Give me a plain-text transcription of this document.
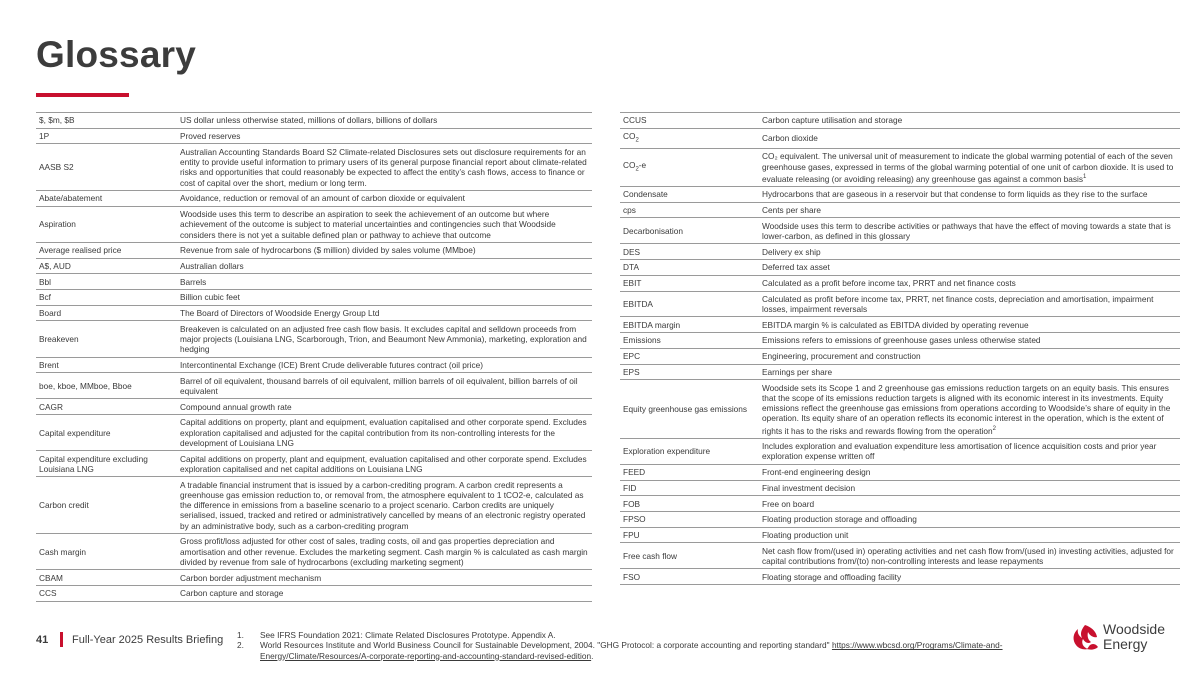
Glossary
$, $m, $B	US dollar unless otherwise stated, millions of dollars, billions of dollars
1P	Proved reserves
AASB S2	Australian Accounting Standards Board S2 Climate-related Disclosures sets out disclosure requirements for an entity to provide useful information to primary users of its general purpose financial report about climate-related risks and opportunities that could reasonably be expected to affect the entity’s cash flows, access to finance or cost of capital over the short, medium or long term.
Abate/abatement	Avoidance, reduction or removal of an amount of carbon dioxide or equivalent
Aspiration	Woodside uses this term to describe an aspiration to seek the achievement of an outcome but where achievement of the outcome is subject to material uncertainties and contingencies such that Woodside considers there is not yet a suitable defined plan or pathway to achieve that outcome
Average realised price	Revenue from sale of hydrocarbons ($ million) divided by sales volume (MMboe)
A$, AUD	Australian dollars
Bbl	Barrels
Bcf	Billion cubic feet
Board	The Board of Directors of Woodside Energy Group Ltd
Breakeven	Breakeven is calculated on an adjusted free cash flow basis. It excludes capital and selldown proceeds from major projects (Louisiana LNG, Scarborough, Trion, and Beaumont New Ammonia), marketing, exploration and hedging
Brent	Intercontinental Exchange (ICE) Brent Crude deliverable futures contract (oil price)
boe, kboe, MMboe, Bboe	Barrel of oil equivalent, thousand barrels of oil equivalent, million barrels of oil equivalent, billion barrels of oil equivalent
CAGR	Compound annual growth rate
Capital expenditure	Capital additions on property, plant and equipment, evaluation capitalised and other corporate spend. Excludes exploration capitalised and adjusted for the capital contribution from its non-controlling interests for the development of Louisiana LNG
Capital expenditure excluding Louisiana LNG	Capital additions on property, plant and equipment, evaluation capitalised and other corporate spend. Excludes exploration capitalised and net capital additions on Louisiana LNG
Carbon credit	A tradable financial instrument that is issued by a carbon-crediting program. A carbon credit represents a greenhouse gas emission reduction to, or removal from, the atmosphere equivalent to 1 tCO2-e, calculated as the difference in emissions from a baseline scenario to a project scenario. Carbon credits are uniquely serialised, issued, tracked and retired or administratively cancelled by means of an electronic registry operated by an administrative body, such as a carbon-crediting program
Cash margin	Gross profit/loss adjusted for other cost of sales, trading costs, oil and gas properties depreciation and amortisation and other revenue. Excludes the marketing segment. Cash margin % is calculated as cash margin divided by revenue from sale of hydrocarbons (excluding marketing segment)
CBAM	Carbon border adjustment mechanism
CCS	Carbon capture and storage
CCUS	Carbon capture utilisation and storage
$CO_2$	Carbon dioxide
$CO_2-e$	CO₂ equivalent. The universal unit of measurement to indicate the global warming potential of each of the seven greenhouse gases, expressed in terms of the global warming potential of one unit of carbon dioxide. It is used to evaluate releasing (or avoiding releasing) any greenhouse gas against a common basis$^1$
Condensate	Hydrocarbons that are gaseous in a reservoir but that condense to form liquids as they rise to the surface
cps	Cents per share
Decarbonisation	Woodside uses this term to describe activities or pathways that have the effect of moving towards a state that is lower-carbon, as defined in this glossary
DES	Delivery ex ship
DTA	Deferred tax asset
EBIT	Calculated as a profit before income tax, PRRT and net finance costs
EBITDA	Calculated as profit before income tax, PRRT, net finance costs, depreciation and amortisation, impairment losses, impairment reversals
EBITDA margin	EBITDA margin % is calculated as EBITDA divided by operating revenue
Emissions	Emissions refers to emissions of greenhouse gases unless otherwise stated
EPC	Engineering, procurement and construction
EPS	Earnings per share
Equity greenhouse gas emissions	Woodside sets its Scope 1 and 2 greenhouse gas emissions reduction targets on an equity basis. This ensures that the scope of its emissions reduction targets is aligned with its economic interest in its investments. Equity emissions reflect the greenhouse gas emissions from operations according to Woodside’s share of equity in the operation. Its equity share of an operation reflects its economic interest in the operation, which is the extent of rights it has to the risks and rewards flowing from the operation$^2$
Exploration expenditure	Includes exploration and evaluation expenditure less amortisation of licence acquisition costs and prior year exploration expense written off
FEED	Front-end engineering design
FID	Final investment decision
FOB	Free on board
FPSO	Floating production storage and offloading
FPU	Floating production unit
Free cash flow	Net cash flow from/(used in) operating activities and net cash flow from/(used in) investing activities, adjusted for capital contributions from/(to) non-controlling interests and lease repayments
FSO	Floating storage and offloading facility
41 Full-Year 2025 Results Briefing 1.	See IFRS Foundation 2021: Climate Related Disclosures Prototype. Appendix A.
2.	World Resources Institute and World Business Council for Sustainable Development, 2004. "GHG Protocol: a corporate accounting and reporting standard" https://www.wbcsd.org/Programs/Climate-and-Energy/Climate/Resources/A-corporate-reporting-and-accounting-standard-revised-edition.
Woodside
Energy
